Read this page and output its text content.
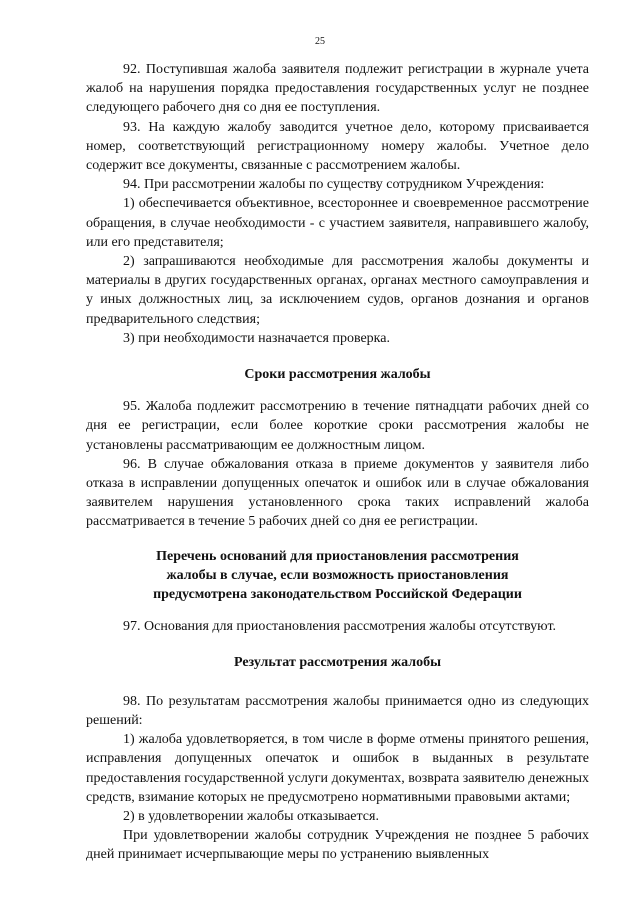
25

92. Поступившая жалоба заявителя подлежит регистрации в журнале учета жалоб на нарушения порядка предоставления государственных услуг не позднее следующего рабочего дня со дня ее поступления.

93. На каждую жалобу заводится учетное дело, которому присваивается номер, соответствующий регистрационному номеру жалобы. Учетное дело содержит все документы, связанные с рассмотрением жалобы.

94. При рассмотрении жалобы по существу сотрудником Учреждения:

1) обеспечивается объективное, всестороннее и своевременное рассмотрение обращения, в случае необходимости - с участием заявителя, направившего жалобу, или его представителя;

2) запрашиваются необходимые для рассмотрения жалобы документы и материалы в других государственных органах, органах местного самоуправления и у иных должностных лиц, за исключением судов, органов дознания и органов предварительного следствия;

3) при необходимости назначается проверка.

Сроки рассмотрения жалобы

95. Жалоба подлежит рассмотрению в течение пятнадцати рабочих дней со дня ее регистрации, если более короткие сроки рассмотрения жалобы не установлены рассматривающим ее должностным лицом.

96. В случае обжалования отказа в приеме документов у заявителя либо отказа в исправлении допущенных опечаток и ошибок или в случае обжалования заявителем нарушения установленного срока таких исправлений жалоба рассматривается в течение 5 рабочих дней со дня ее регистрации.

Перечень оснований для приостановления рассмотрения
жалобы в случае, если возможность приостановления
предусмотрена законодательством Российской Федерации

97. Основания для приостановления рассмотрения жалобы отсутствуют.

Результат рассмотрения жалобы

98. По результатам рассмотрения жалобы принимается одно из следующих решений:

1) жалоба удовлетворяется, в том числе в форме отмены принятого решения, исправления допущенных опечаток и ошибок в выданных в результате предоставления государственной услуги документах, возврата заявителю денежных средств, взимание которых не предусмотрено нормативными правовыми актами;

2) в удовлетворении жалобы отказывается.

При удовлетворении жалобы сотрудник Учреждения не позднее 5 рабочих дней принимает исчерпывающие меры по устранению выявленных
